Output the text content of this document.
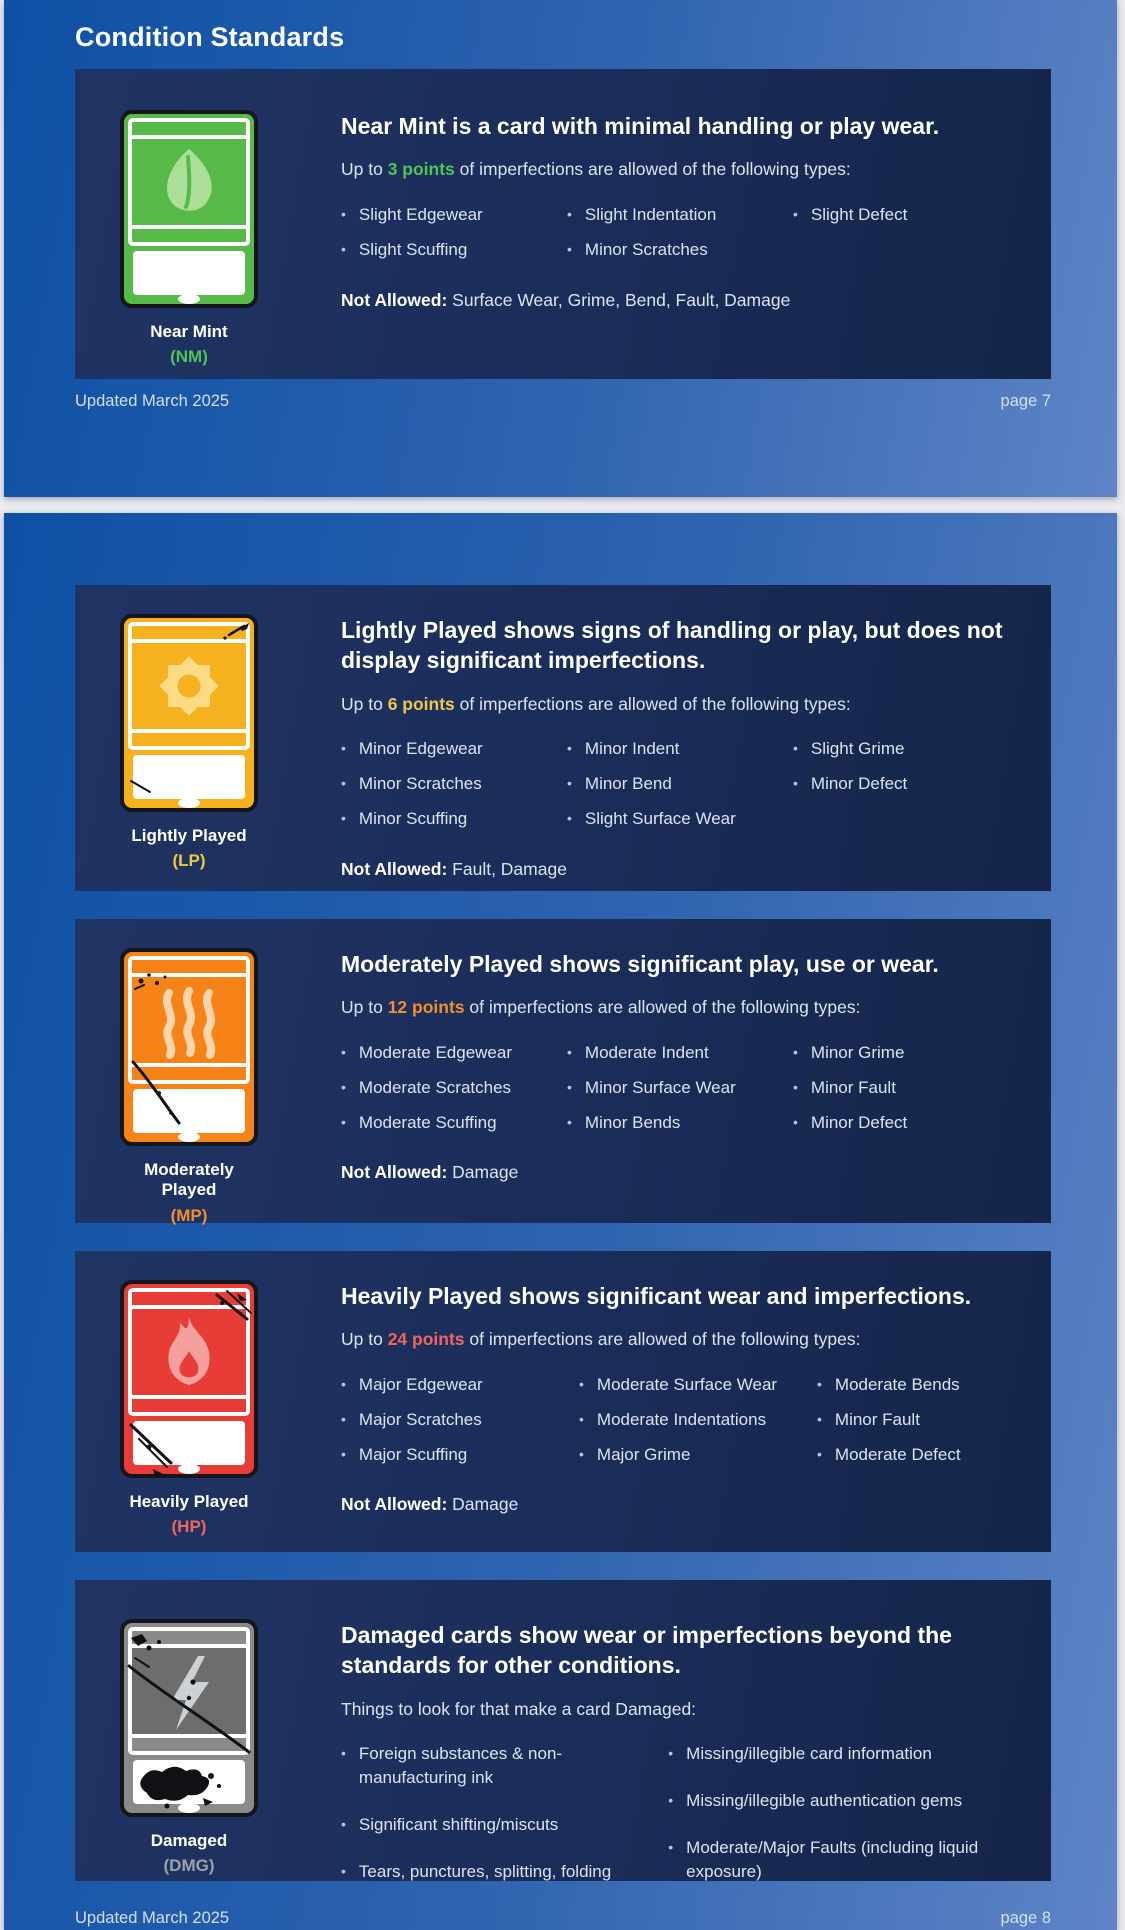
Condition Standards
Near Mint
(NM)
Near Mint is a card with minimal handling or play wear.

Up to 3 points of imperfections are allowed of the following types:

• Slight Edgewear
• Slight Scuffing
• Slight Indentation
• Minor Scratches
• Slight Defect

Not Allowed: Surface Wear, Grime, Bend, Fault, Damage

Updated March 2025	page 7
Lightly Played
(LP)
Lightly Played shows signs of handling or play, but does not display significant imperfections.

Up to 6 points of imperfections are allowed of the following types:

• Minor Edgewear
• Minor Scratches
• Minor Scuffing
• Minor Indent
• Minor Bend
• Slight Surface Wear
• Slight Grime
• Minor Defect

Not Allowed: Fault, Damage

Moderately Played
(MP)
Moderately Played shows significant play, use or wear.

Up to 12 points of imperfections are allowed of the following types:

• Moderate Edgewear
• Moderate Scratches
• Moderate Scuffing
• Moderate Indent
• Minor Surface Wear
• Minor Bends
• Minor Grime
• Minor Fault
• Minor Defect

Not Allowed: Damage

Heavily Played
(HP)
Heavily Played shows significant wear and imperfections.

Up to 24 points of imperfections are allowed of the following types:

• Major Edgewear
• Major Scratches
• Major Scuffing
• Moderate Surface Wear
• Moderate Indentations
• Major Grime
• Moderate Bends
• Minor Fault
• Moderate Defect

Not Allowed: Damage

Damaged
(DMG)
Damaged cards show wear or imperfections beyond the standards for other conditions.

Things to look for that make a card Damaged:

• Foreign substances & non-manufacturing ink
• Significant shifting/miscuts
• Tears, punctures, splitting, folding
• Missing/illegible card information
• Missing/illegible authentication gems
• Moderate/Major Faults (including liquid exposure)
Updated March 2025	page 8
